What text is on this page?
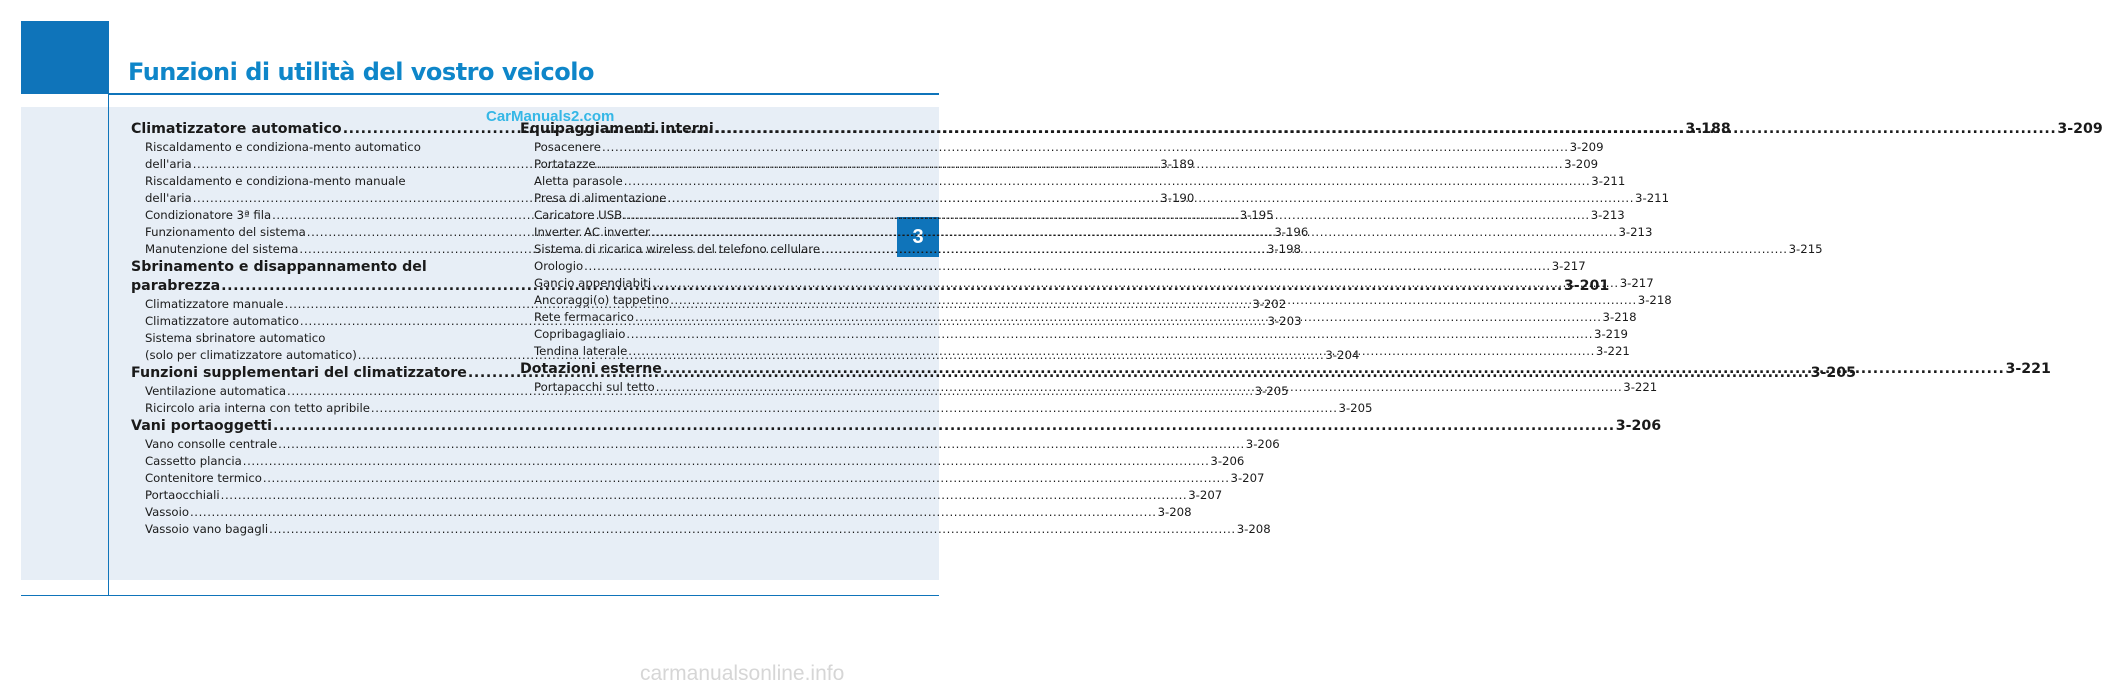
Funzioni di utilità del vostro veicolo
3
Climatizzatore automatico .....	3-188
Riscaldamento e condiziona-mento automatico
dell'aria .....	3-189
Riscaldamento e condiziona-mento manuale
dell'aria .....	3-190
Condizionatore 3ª fila .....	3-195
Funzionamento del sistema .....	3-196
Manutenzione del sistema .....	3-198
Sbrinamento e disappannamento del
parabrezza .....	3-201
Climatizzatore manuale .....	3-202
Climatizzatore automatico .....	3-203
Sistema sbrinatore automatico
(solo per climatizzatore automatico) .....	3-204
Funzioni supplementari del climatizzatore .....	3-205
Ventilazione automatica .....	3-205
Ricircolo aria interna con tetto apribile .....	3-205
Vani portaoggetti .....	3-206
Vano consolle centrale .....	3-206
Cassetto plancia .....	3-206
Contenitore termico .....	3-207
Portaocchiali .....	3-207
Vassoio .....	3-208
Vassoio vano bagagli .....	3-208
Equipaggiamenti interni .....	3-209
Posacenere .....	3-209
Portatazze .....	3-209
Aletta parasole .....	3-211
Presa di alimentazione .....	3-211
Caricatore USB .....	3-213
Inverter AC inverter .....	3-213
Sistema di ricarica wireless del telefono cellulare .....	3-215
Orologio .....	3-217
Gancio appendiabiti .....	3-217
Ancoraggi(o) tappetino .....	3-218
Rete fermacarico .....	3-218
Copribagagliaio .....	3-219
Tendina laterale .....	3-221
Dotazioni esterne .....	3-221
Portapacchi sul tetto .....	3-221
CarManuals2.com
carmanualsonline.info
